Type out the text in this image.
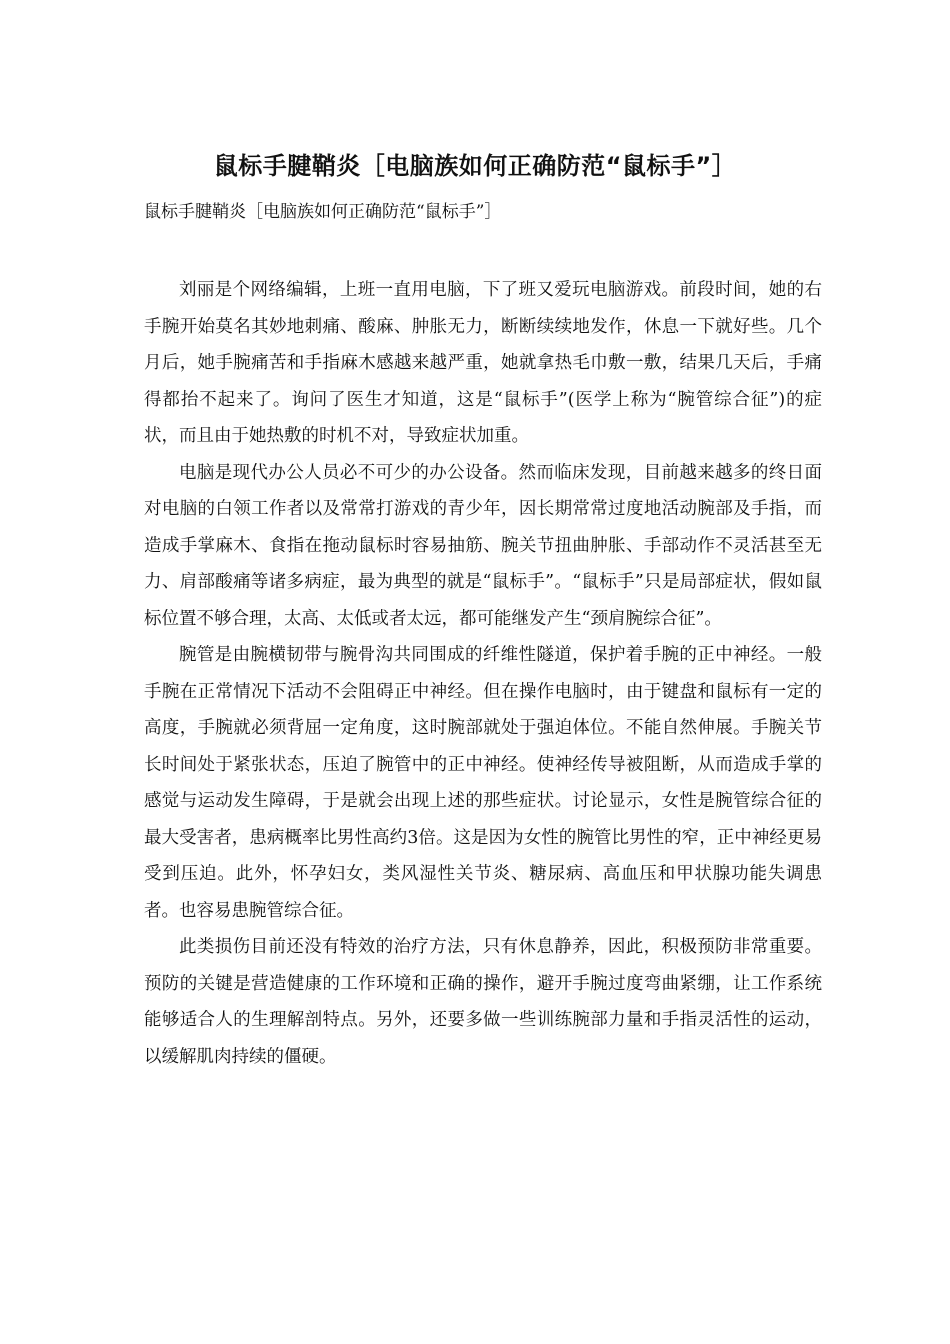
鼠标手腱鞘炎［电脑族如何正确防范“鼠标手”］

鼠标手腱鞘炎［电脑族如何正确防范“鼠标手”］

刘丽是个网络编辑，上班一直用电脑，下了班又爱玩电脑游戏。前段时间，她的右手腕开始莫名其妙地刺痛、酸麻、肿胀无力，断断续续地发作，休息一下就好些。几个月后，她手腕痛苦和手指麻木感越来越严重，她就拿热毛巾敷一敷，结果几天后，手痛得都抬不起来了。询问了医生才知道，这是“鼠标手”(医学上称为“腕管综合征”)的症状，而且由于她热敷的时机不对，导致症状加重。

电脑是现代办公人员必不可少的办公设备。然而临床发现，目前越来越多的终日面对电脑的白领工作者以及常常打游戏的青少年，因长期常常过度地活动腕部及手指，而造成手掌麻木、食指在拖动鼠标时容易抽筋、腕关节扭曲肿胀、手部动作不灵活甚至无力、肩部酸痛等诸多病症，最为典型的就是“鼠标手”。“鼠标手”只是局部症状，假如鼠标位置不够合理，太高、太低或者太远，都可能继发产生“颈肩腕综合征”。

腕管是由腕横韧带与腕骨沟共同围成的纤维性隧道，保护着手腕的正中神经。一般手腕在正常情况下活动不会阻碍正中神经。但在操作电脑时，由于键盘和鼠标有一定的高度，手腕就必须背屈一定角度，这时腕部就处于强迫体位。不能自然伸展。手腕关节长时间处于紧张状态，压迫了腕管中的正中神经。使神经传导被阻断，从而造成手掌的感觉与运动发生障碍，于是就会出现上述的那些症状。讨论显示，女性是腕管综合征的最大受害者，患病概率比男性高约3倍。这是因为女性的腕管比男性的窄，正中神经更易受到压迫。此外，怀孕妇女，类风湿性关节炎、糖尿病、高血压和甲状腺功能失调患者。也容易患腕管综合征。

此类损伤目前还没有特效的治疗方法，只有休息静养，因此，积极预防非常重要。预防的关键是营造健康的工作环境和正确的操作，避开手腕过度弯曲紧绷，让工作系统能够适合人的生理解剖特点。另外，还要多做一些训练腕部力量和手指灵活性的运动，以缓解肌肉持续的僵硬。
